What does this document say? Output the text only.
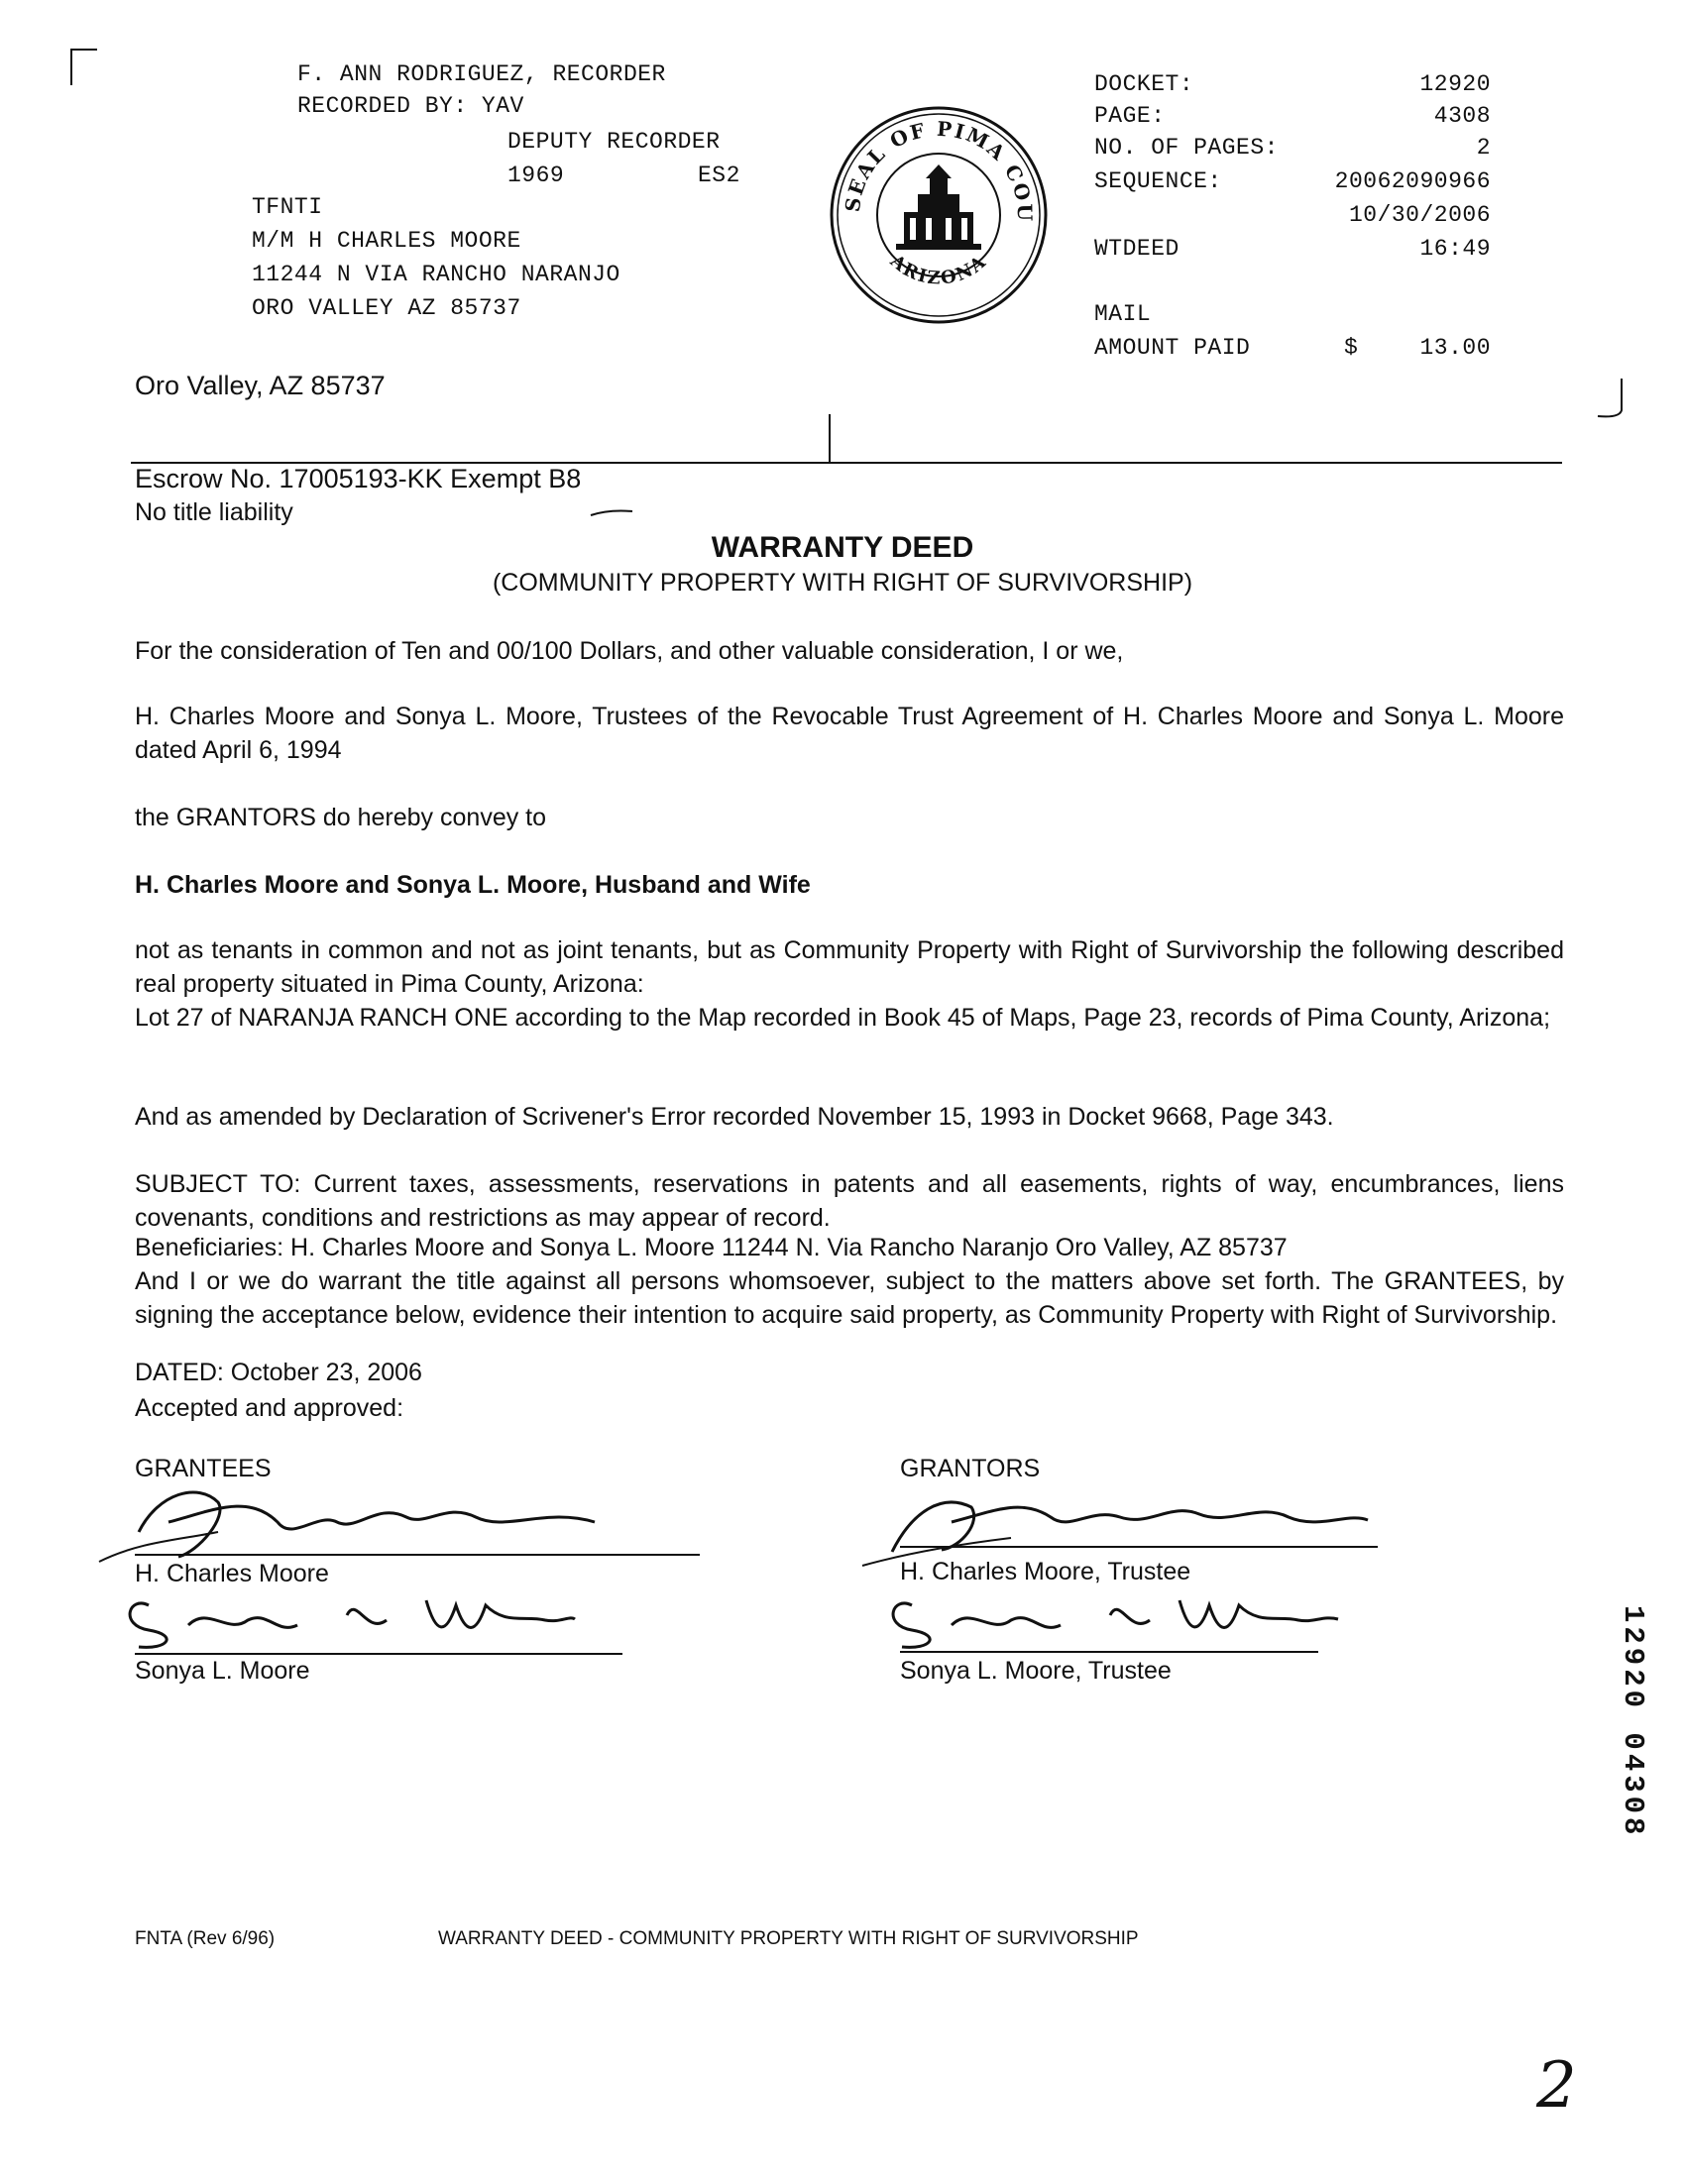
F. ANN RODRIGUEZ, RECORDER
RECORDED BY: YAV
DEPUTY RECORDER
1969	ES2
TFNTI
M/M H CHARLES MOORE
11244 N VIA RANCHO NARANJO
ORO VALLEY AZ 85737
THE SEAL OF PIMA COUNTY
ARIZONA
DOCKET:	12920
PAGE:	4308
NO. OF PAGES:	2
SEQUENCE:	20062090966
10/30/2006
WTDEED	16:49
MAIL
AMOUNT PAID	$	13.00
Oro Valley, AZ 85737
Escrow No. 17005193-KK Exempt B8
No title liability
WARRANTY DEED
(COMMUNITY PROPERTY WITH RIGHT OF SURVIVORSHIP)
For the consideration of Ten and 00/100 Dollars, and other valuable consideration, I or we,
H. Charles Moore and Sonya L. Moore, Trustees of the Revocable Trust Agreement of H. Charles Moore and Sonya L. Moore dated April 6, 1994
the GRANTORS do hereby convey to
H. Charles Moore and Sonya L. Moore, Husband and Wife
not as tenants in common and not as joint tenants, but as Community Property with Right of Survivorship the following described real property situated in Pima County, Arizona:
Lot 27 of NARANJA RANCH ONE according to the Map recorded in Book 45 of Maps, Page 23, records of Pima County, Arizona;
And as amended by Declaration of Scrivener's Error recorded November 15, 1993 in Docket 9668, Page 343.
SUBJECT TO: Current taxes, assessments, reservations in patents and all easements, rights of way, encumbrances, liens covenants, conditions and restrictions as may appear of record.
Beneficiaries: H. Charles Moore and Sonya L. Moore 11244 N. Via Rancho Naranjo Oro Valley, AZ 85737
And I or we do warrant the title against all persons whomsoever, subject to the matters above set forth. The GRANTEES, by signing the acceptance below, evidence their intention to acquire said property, as Community Property with Right of Survivorship.
DATED: October 23, 2006
Accepted and approved:
GRANTEES
H. Charles Moore
Sonya L. Moore
GRANTORS
H. Charles Moore, Trustee
Sonya L. Moore, Trustee	12920 04308
FNTA (Rev 6/96)	WARRANTY DEED - COMMUNITY PROPERTY WITH RIGHT OF SURVIVORSHIP
2
